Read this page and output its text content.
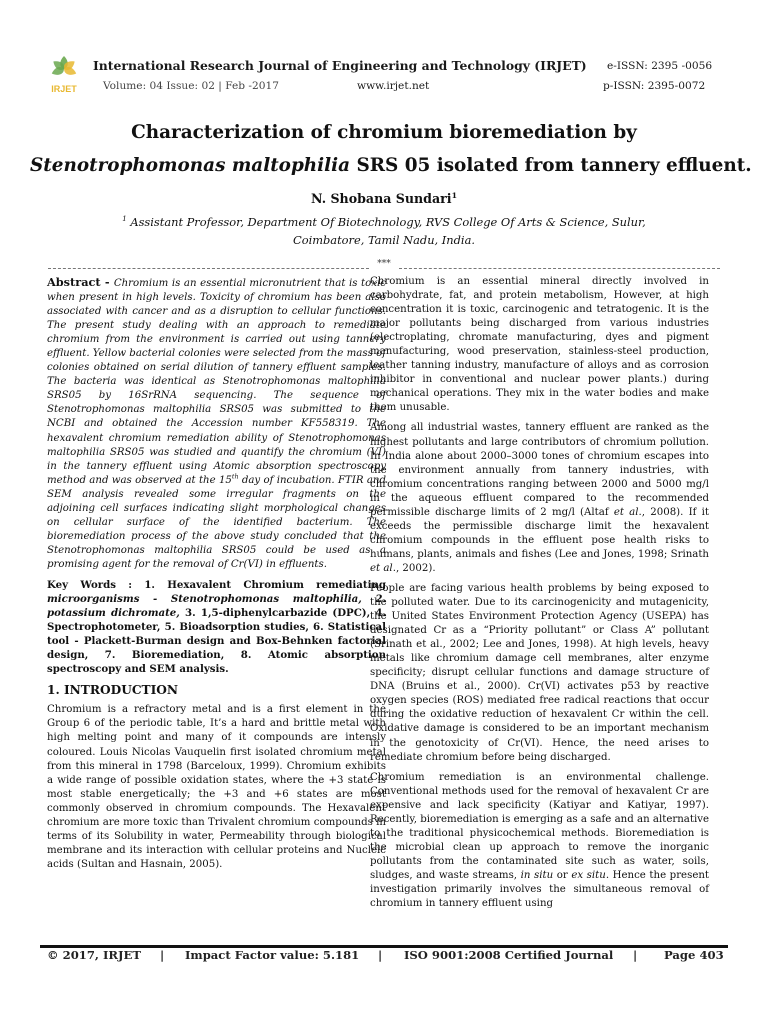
IRJET
International Research Journal of Engineering and Technology (IRJET) e-ISSN: 2395 -0056
Volume: 04 Issue: 02 | Feb -2017	www.irjet.net	p-ISSN: 2395-0072
Characterization of chromium bioremediation by
Stenotrophomonas maltophilia SRS 05 isolated from tannery effluent.
N. Shobana Sundari$^1$
$^1$ Assistant Professor, Department Of Biotechnology, RVS College Of Arts & Science, Sulur,
Coimbatore, Tamil Nadu, India.
***

Abstract - Chromium is an essential micronutrient that is toxic when present in high levels. Toxicity of chromium has been also associated with cancer and as a disruption to cellular functions. The present study dealing with an approach to remediate chromium from the environment is carried out using tannery effluent. Yellow bacterial colonies were selected from the mass of colonies obtained on serial dilution of tannery effluent samples. The bacteria was identical as Stenotrophomonas maltophilia SRS05 by 16SrRNA sequencing. The sequence of Stenotrophomonas maltophilia SRS05 was submitted to the NCBI and obtained the Accession number KF558319. The hexavalent chromium remediation ability of Stenotrophomonas maltophilia SRS05 was studied and quantify the chromium (VI) in the tannery effluent using Atomic absorption spectroscopy method and was observed at the 15th day of incubation. FTIR and SEM analysis revealed some irregular fragments on the adjoining cell surfaces indicating slight morphological changes on cellular surface of the identified bacterium. The bioremediation process of the above study concluded that the Stenotrophomonas maltophilia SRS05 could be used as a promising agent for the removal of Cr(VI) in effluents.

Key Words : 1. Hexavalent Chromium remediating microorganisms - Stenotrophomonas maltophilia, 2. potassium dichromate, 3. 1,5-diphenylcarbazide (DPC), 4. Spectrophotometer, 5. Bioadsorption studies, 6. Statistical tool - Plackett-Burman design and Box-Behnken factorial design, 7. Bioremediation, 8. Atomic absorption spectroscopy and SEM analysis.

1. INTRODUCTION

Chromium is a refractory metal and is a first element in the Group 6 of the periodic table, It’s a hard and brittle metal with high melting point and many of it compounds are intensly coloured. Louis Nicolas Vauquelin first isolated chromium metal from this mineral in 1798 (Barceloux, 1999). Chromium exhibits a wide range of possible oxidation states, where the +3 state is most stable energetically; the +3 and +6 states are most commonly observed in chromium compounds. The Hexavalent chromium are more toxic than Trivalent chromium compounds in terms of its Solubility in water, Permeability through biological membrane and its interaction with cellular proteins and Nucleic acids (Sultan and Hasnain, 2005).

Chromium is an essential mineral directly involved in carbohydrate, fat, and protein metabolism, However, at high concentration it is toxic, carcinogenic and tetratogenic. It is the major pollutants being discharged from various industries (electroplating, chromate manufacturing, dyes and pigment manufacturing, wood preservation, stainless-steel production, leather tanning industry, manufacture of alloys and as corrosion inhibitor in conventional and nuclear power plants.) during mechanical operations. They mix in the water bodies and make them unusable.

Among all industrial wastes, tannery effluent are ranked as the highest pollutants and large contributors of chromium pollution. In India alone about 2000–3000 tones of chromium escapes into the environment annually from tannery industries, with chromium concentrations ranging between 2000 and 5000 mg/l in the aqueous effluent compared to the recommended permissible discharge limits of 2 mg/l (Altaf et al., 2008). If it exceeds the permissible discharge limit the hexavalent chromium compounds in the effluent pose health risks to humans, plants, animals and fishes (Lee and Jones, 1998; Srinath et al., 2002).

People are facing various health problems by being exposed to the polluted water. Due to its carcinogenicity and mutagenicity, the United States Environment Protection Agency (USEPA) has designated Cr as a “Priority pollutant” or Class A” pollutant (Srinath et al., 2002; Lee and Jones, 1998). At high levels, heavy metals like chromium damage cell membranes, alter enzyme specificity; disrupt cellular functions and damage structure of DNA (Bruins et al., 2000). Cr(VI) activates p53 by reactive oxygen species (ROS) mediated free radical reactions that occur during the oxidative reduction of hexavalent Cr within the cell. Oxidative damage is considered to be an important mechanism in the genotoxicity of Cr(VI). Hence, the need arises to remediate chromium before being discharged.

Chromium remediation is an environmental challenge. Conventional methods used for the removal of hexavalent Cr are expensive and lack specificity (Katiyar and Katiyar, 1997). Recently, bioremediation is emerging as a safe and an alternative to the traditional physicochemical methods. Bioremediation is the microbial clean up approach to remove the inorganic pollutants from the contaminated site such as water, soils, sludges, and waste streams, in situ or ex situ. Hence the present investigation primarily involves the simultaneous removal of chromium in tannery effluent using

© 2017, IRJET | Impact Factor value: 5.181 | ISO 9001:2008 Certified Journal | Page 403
